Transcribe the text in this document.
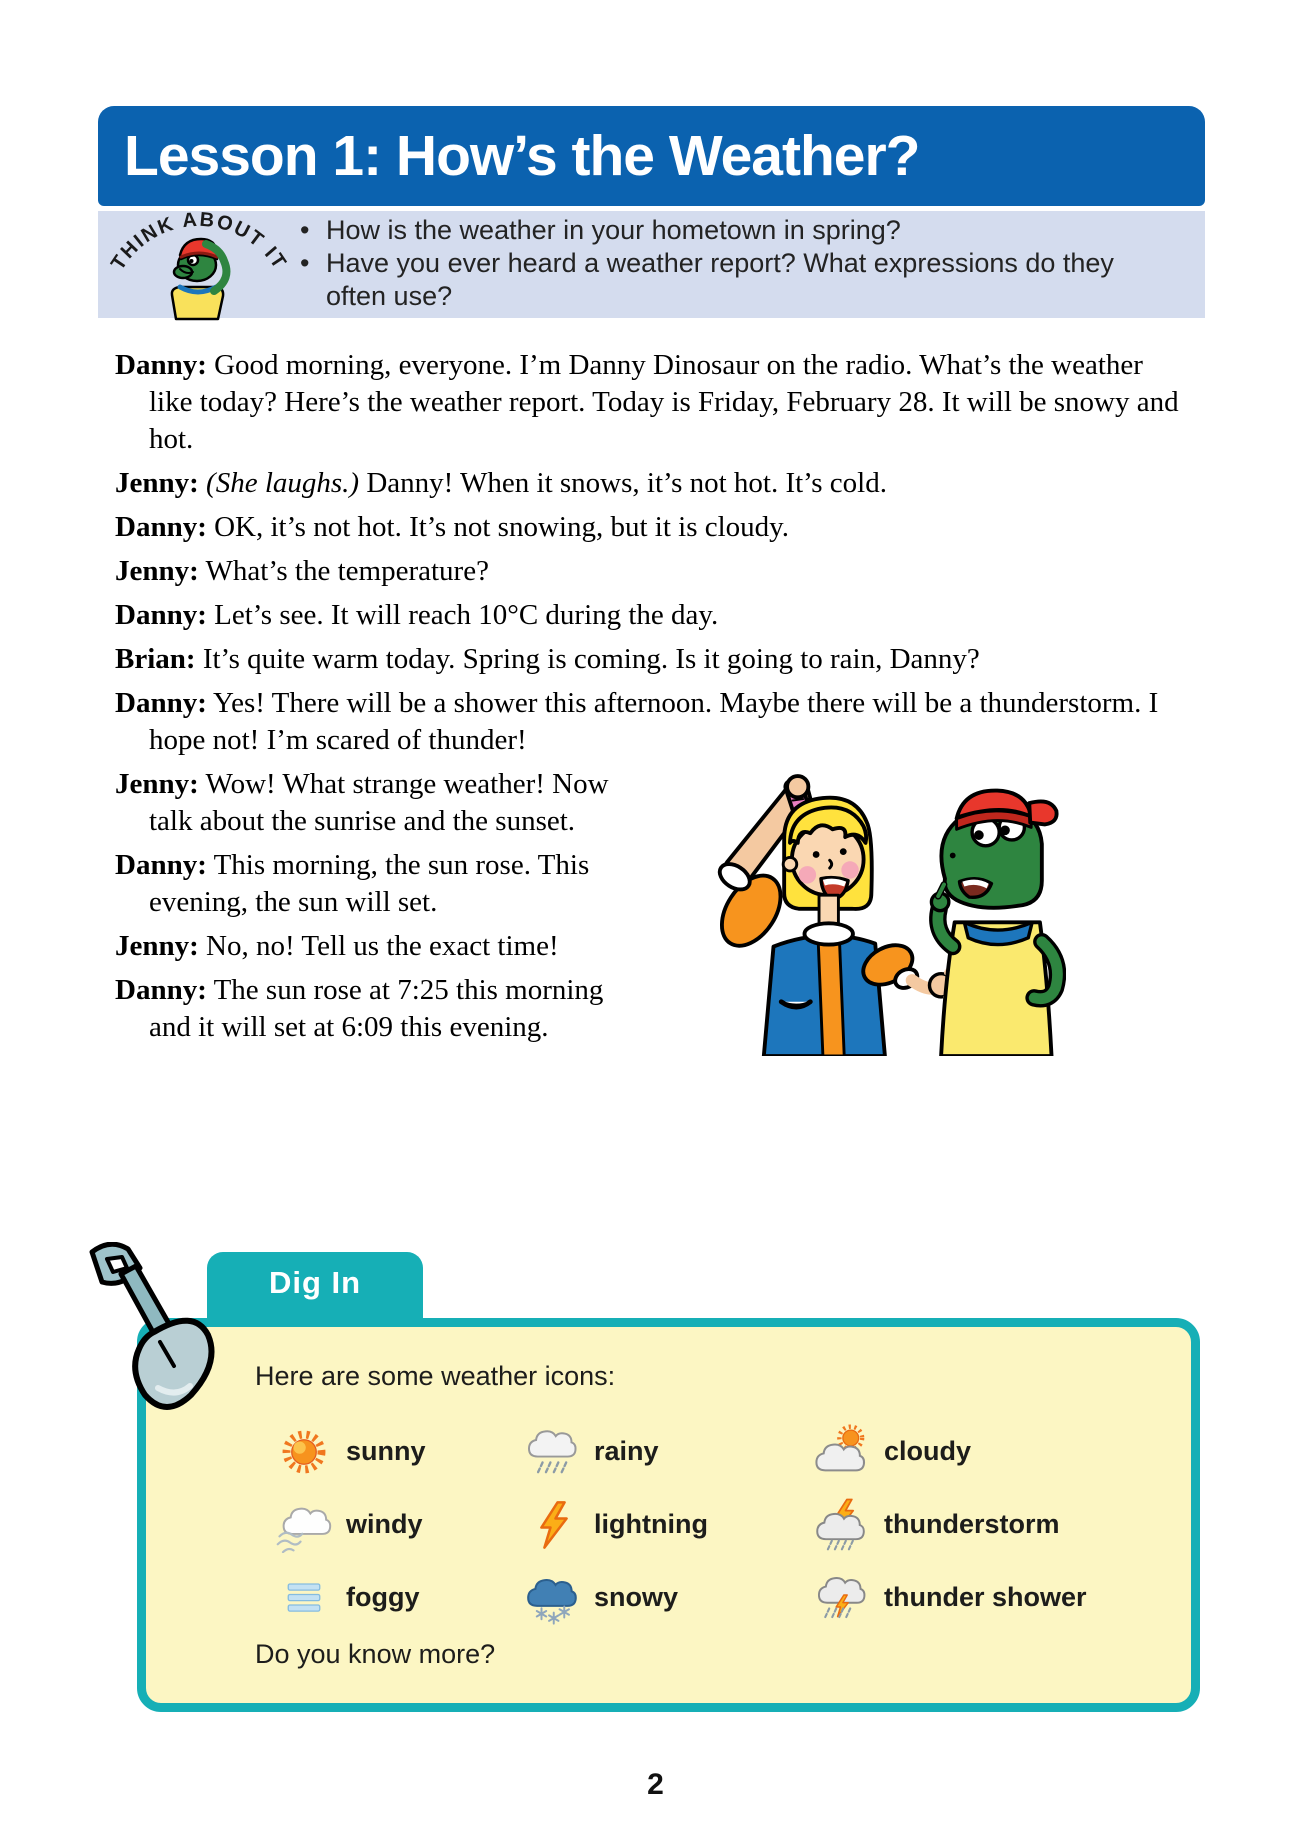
Lesson 1: How’s the Weather?
• How is the weather in your hometown in spring?
• Have you ever heard a weather report? What expressions do they often use?
THINK ABOUT IT

Danny: Good morning, everyone. I’m Danny Dinosaur on the radio. What’s the weather like today? Here’s the weather report. Today is Friday, February 28. It will be snowy and hot.

Jenny: (She laughs.) Danny! When it snows, it’s not hot. It’s cold.

Danny: OK, it’s not hot. It’s not snowing, but it is cloudy.

Jenny: What’s the temperature?

Danny: Let’s see. It will reach 10°C during the day.

Brian: It’s quite warm today. Spring is coming. Is it going to rain, Danny?

Danny: Yes! There will be a shower this afternoon. Maybe there will be a thunderstorm. I hope not! I’m scared of thunder!

Jenny: Wow! What strange weather! Now talk about the sunrise and the sunset.

Danny: This morning, the sun rose. This evening, the sun will set.

Jenny: No, no! Tell us the exact time!

Danny: The sun rose at 7:25 this morning and it will set at 6:09 this evening.

Dig In
Here are some weather icons:
sunny	rainy	cloudy
windy	lightning	thunderstorm
foggy	snowy	thunder shower
Do you know more?
2
